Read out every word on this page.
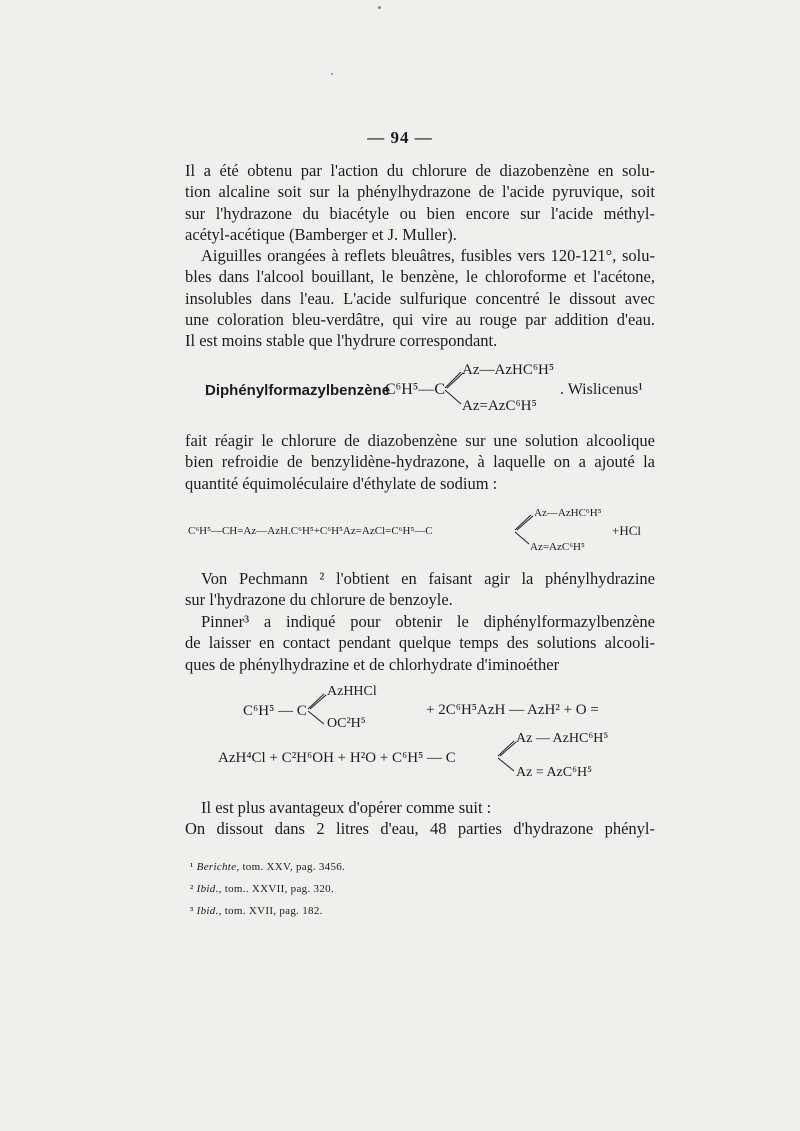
— 94 —
Il a été obtenu par l'action du chlorure de diazobenzène en solu-
tion alcaline soit sur la phénylhydrazone de l'acide pyruvique, soit
sur l'hydrazone du biacétyle ou bien encore sur l'acide méthyl-
acétyl-acétique (Bamberger et J. Muller).
Aiguilles orangées à reflets bleuâtres, fusibles vers 120-121°, solu-
bles dans l'alcool bouillant, le benzène, le chloroforme et l'acétone,
insolubles dans l'eau. L'acide sulfurique concentré le dissout avec
une coloration bleu-verdâtre, qui vire au rouge par addition d'eau.
Il est moins stable que l'hydrure correspondant.
Diphénylformazylbenzène
C⁶H⁵—C
Az—AzHC⁶H⁵
Az=AzC⁶H⁵
. Wislicenus¹
fait réagir le chlorure de diazobenzène sur une solution alcoolique
bien refroidie de benzylidène-hydrazone, à laquelle on a ajouté la
quantité équimoléculaire d'éthylate de sodium :
C⁶H⁵—CH=Az—AzH.C⁶H⁵+C⁶H⁵Az=AzCl=C⁶H⁵—C
Az—AzHC⁶H⁵
Az=AzC⁶H⁵
+HCl
Von Pechmann ² l'obtient en faisant agir la phénylhydrazine
sur l'hydrazone du chlorure de benzoyle.
Pinner³ a indiqué pour obtenir le diphénylformazylbenzène
de laisser en contact pendant quelque temps des solutions alcooli-
ques de phénylhydrazine et de chlorhydrate d'iminoéther
C⁶H⁵ — C
AzHHCl
OC²H⁵
+ 2C⁶H⁵AzH — AzH² + O =
AzH⁴Cl + C²H⁶OH + H²O + C⁶H⁵ — C
Az — AzHC⁶H⁵
Az = AzC⁶H⁵
Il est plus avantageux d'opérer comme suit :
On dissout dans 2 litres d'eau, 48 parties d'hydrazone phényl-
¹ Berichte, tom. XXV, pag. 3456.
² Ibid., tom.. XXVII, pag. 320.
³ Ibid., tom. XVII, pag. 182.
